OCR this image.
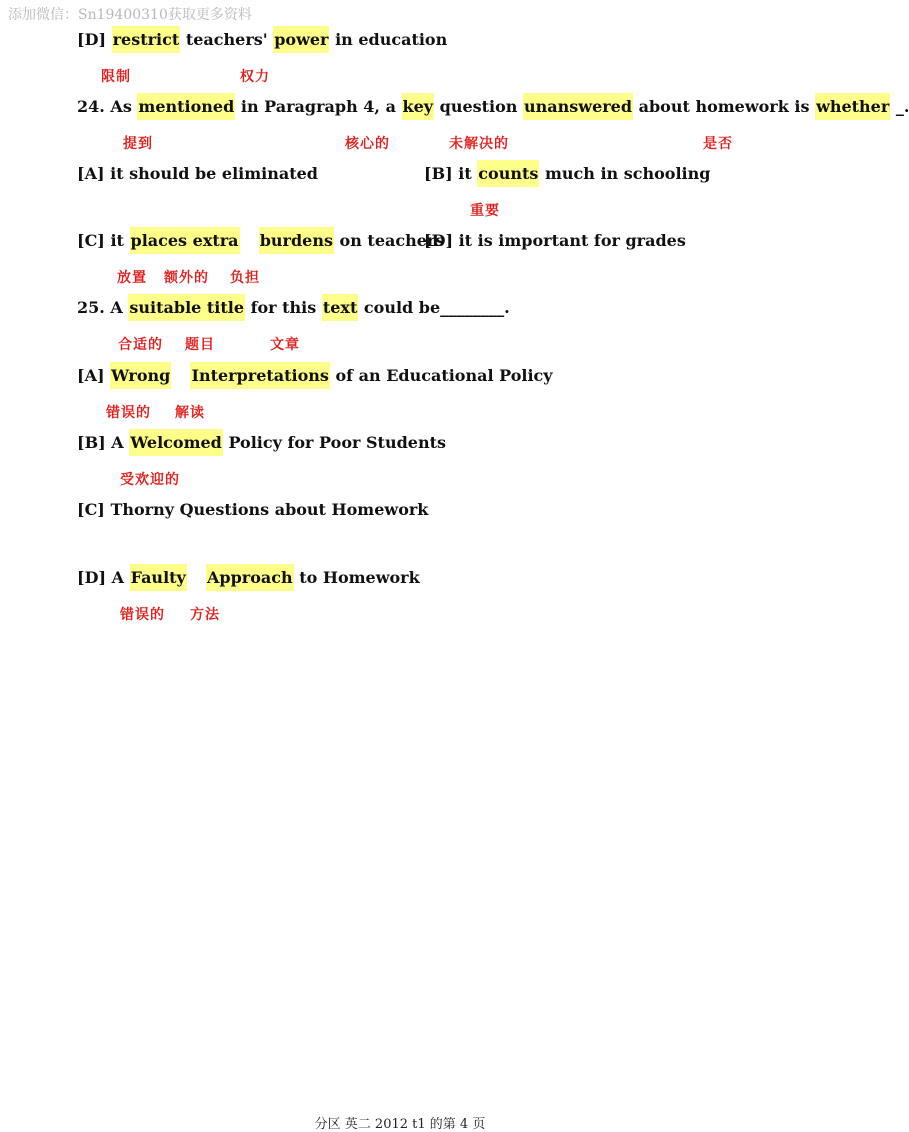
添加微信：Sn19400310获取更多资料
[D] restrict teachers' power in education
限制	权力
24. As mentioned in Paragraph 4, a key question unanswered about homework is whether _.
提到	核心的	未解决的	是否
[A] it should be eliminated	[B] it counts much in schooling
重要
[C] it places extra burdens on teachers
[D] it is important for grades
放置 额外的 负担
25. A suitable title for this text could be________.
合适的 题目	文章
[A] Wrong Interpretations of an Educational Policy
错误的 解读
[B] A Welcomed Policy for Poor Students
受欢迎的
[C] Thorny Questions about Homework
[D] A Faulty Approach to Homework
错误的 方法
分区 英二 2012 t1 的第 4 页
